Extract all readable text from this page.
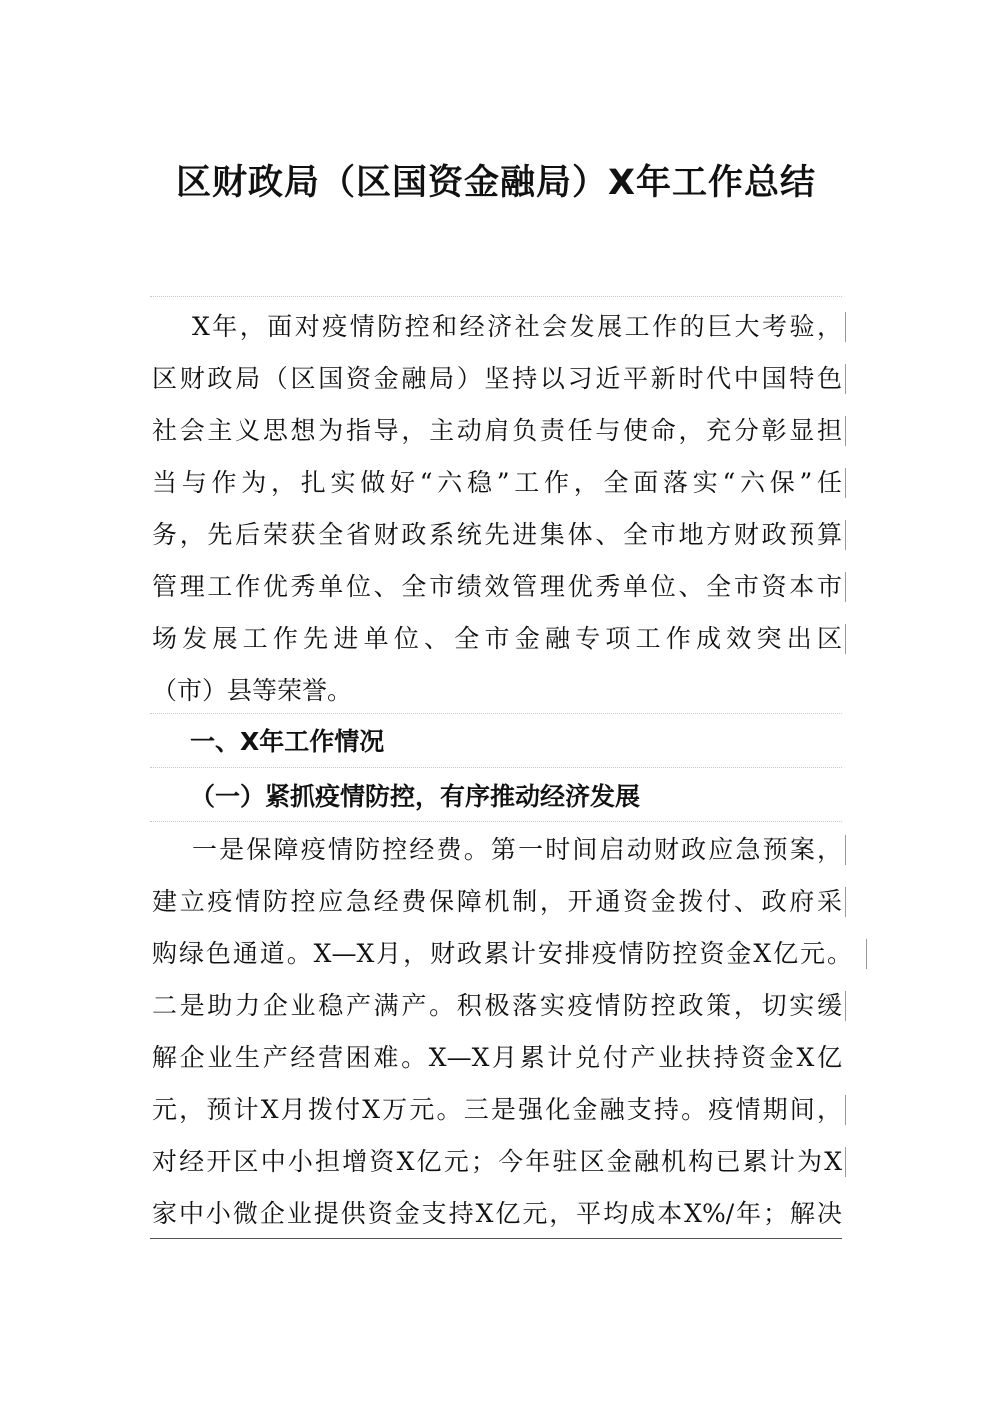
区财政局（区国资金融局）X年工作总结
X年，面对疫情防控和经济社会发展工作的巨大考验，
区财政局（区国资金融局）坚持以习近平新时代中国特色
社会主义思想为指导，主动肩负责任与使命，充分彰显担
当与作为，扎实做好“六稳”工作，全面落实“六保”任
务，先后荣获全省财政系统先进集体、全市地方财政预算
管理工作优秀单位、全市绩效管理优秀单位、全市资本市
场发展工作先进单位、全市金融专项工作成效突出区
（市）县等荣誉。
一、X年工作情况
（一）紧抓疫情防控，有序推动经济发展
一是保障疫情防控经费。第一时间启动财政应急预案，
建立疫情防控应急经费保障机制，开通资金拨付、政府采
购绿色通道。X—X月，财政累计安排疫情防控资金X亿元。
二是助力企业稳产满产。积极落实疫情防控政策，切实缓
解企业生产经营困难。X—X月累计兑付产业扶持资金X亿
元，预计X月拨付X万元。三是强化金融支持。疫情期间，
对经开区中小担增资X亿元；今年驻区金融机构已累计为X
家中小微企业提供资金支持X亿元，平均成本X%/年；解决
